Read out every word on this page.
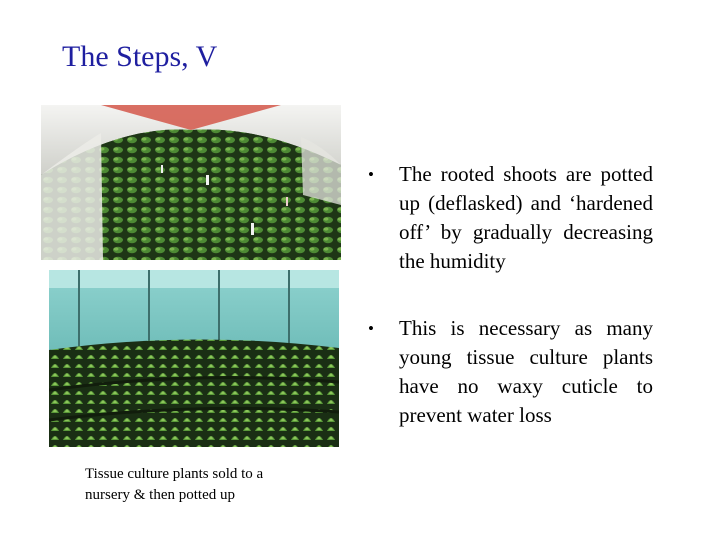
The Steps, V
Tissue culture plants sold to a nursery & then potted up
• The rooted shoots are potted up (deflasked) and ‘hardened off’ by gradually decreasing the humidity
• This is necessary as many young tissue culture plants have no waxy cuticle to prevent water loss
